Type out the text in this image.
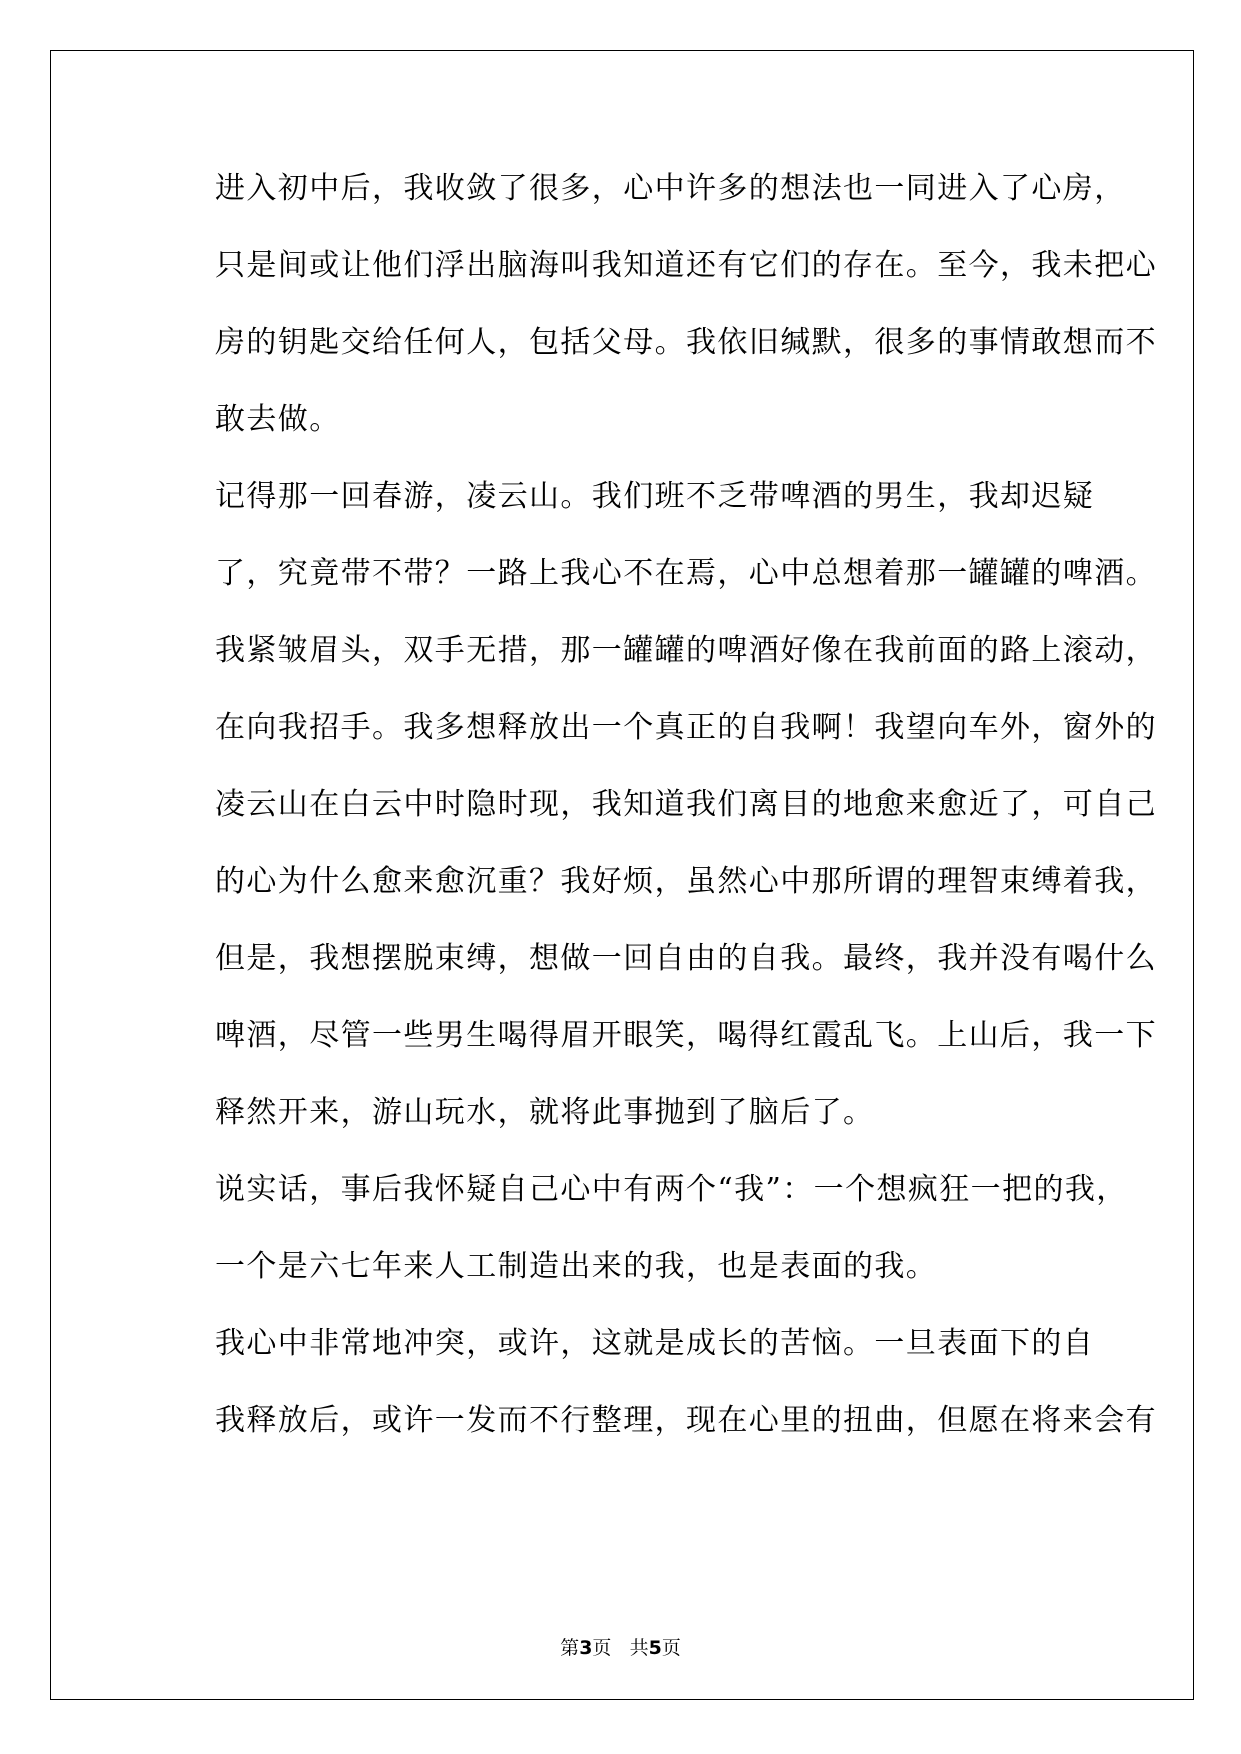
进入初中后，我收敛了很多，心中许多的想法也一同进入了心房，
只是间或让他们浮出脑海叫我知道还有它们的存在。至今，我未把心
房的钥匙交给任何人，包括父母。我依旧缄默，很多的事情敢想而不
敢去做。

记得那一回春游，凌云山。我们班不乏带啤酒的男生，我却迟疑
了，究竟带不带？一路上我心不在焉，心中总想着那一罐罐的啤酒。
我紧皱眉头，双手无措，那一罐罐的啤酒好像在我前面的路上滚动，
在向我招手。我多想释放出一个真正的自我啊！我望向车外，窗外的
凌云山在白云中时隐时现，我知道我们离目的地愈来愈近了，可自己
的心为什么愈来愈沉重？我好烦，虽然心中那所谓的理智束缚着我，
但是，我想摆脱束缚，想做一回自由的自我。最终，我并没有喝什么
啤酒，尽管一些男生喝得眉开眼笑，喝得红霞乱飞。上山后，我一下
释然开来，游山玩水，就将此事抛到了脑后了。

说实话，事后我怀疑自己心中有两个“我”：一个想疯狂一把的我，
一个是六七年来人工制造出来的我，也是表面的我。

我心中非常地冲突，或许，这就是成长的苦恼。一旦表面下的自
我释放后，或许一发而不行整理，现在心里的扭曲，但愿在将来会有

第3页 共5页
